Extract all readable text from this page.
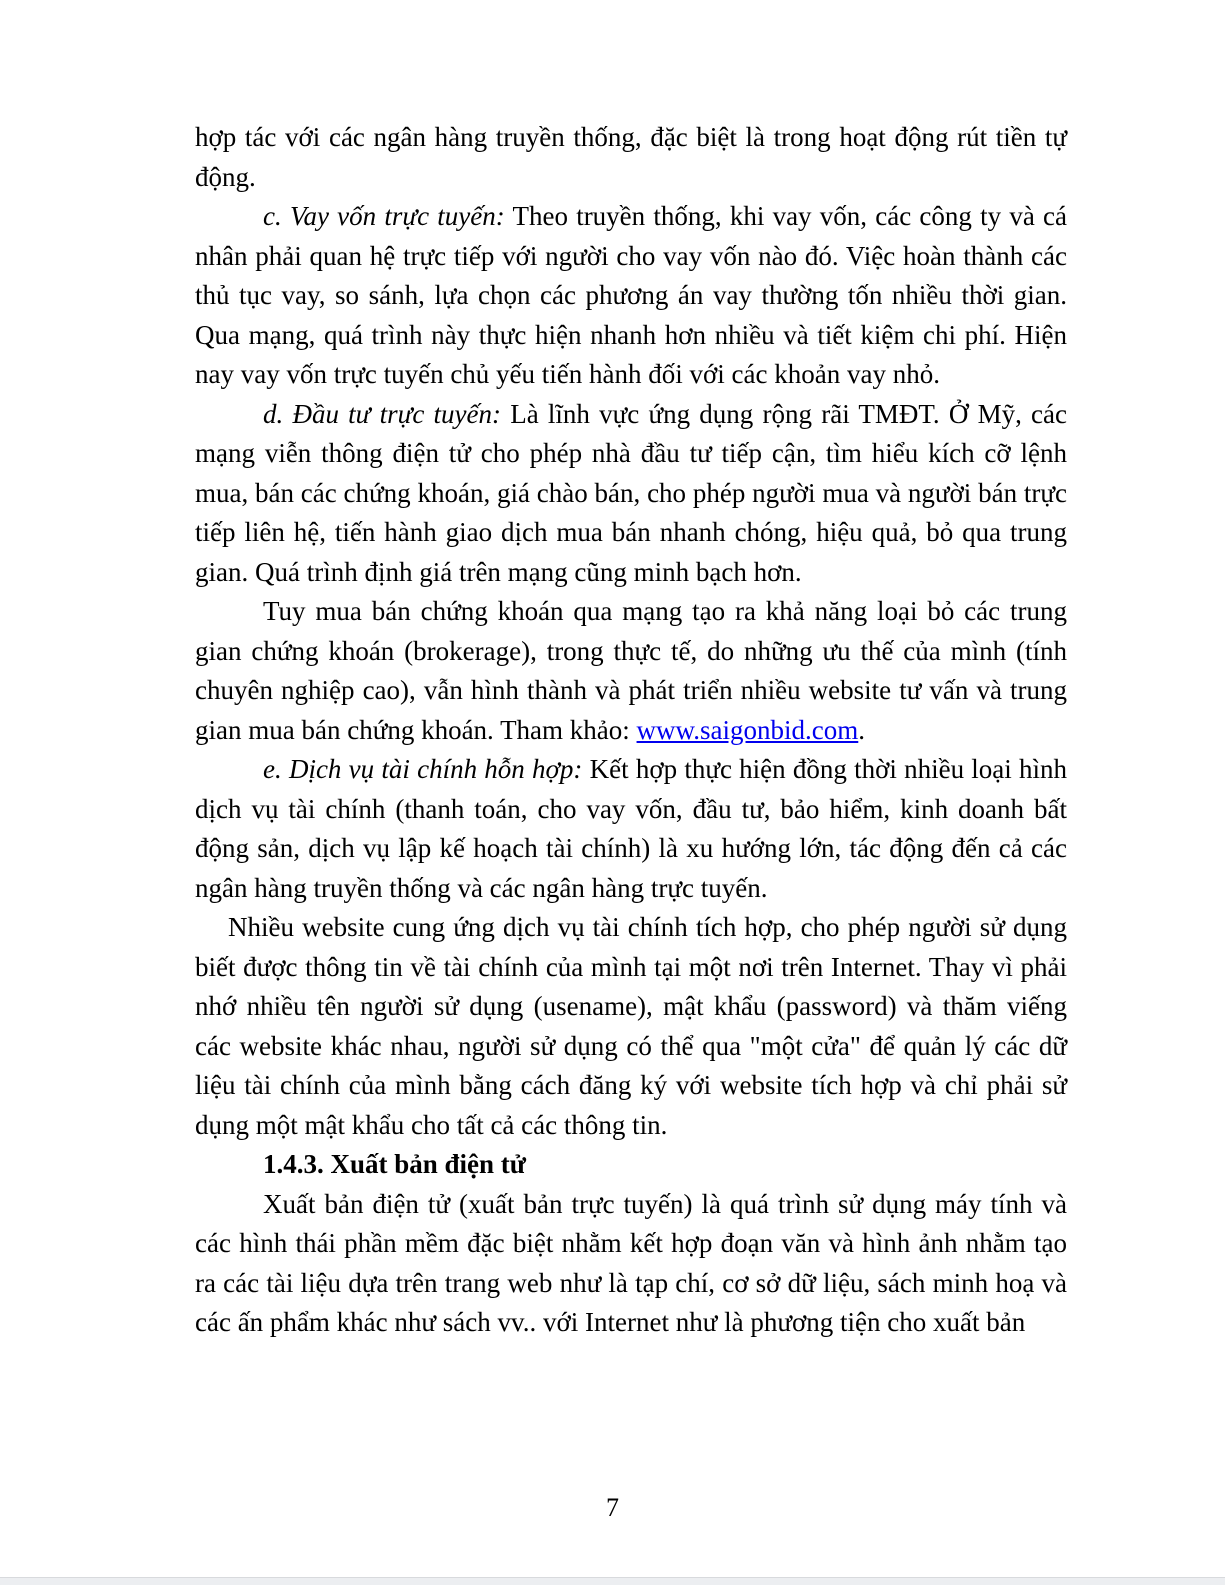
hợp tác với các ngân hàng truyền thống, đặc biệt là trong hoạt động rút tiền tự động.

c. Vay vốn trực tuyến: Theo truyền thống, khi vay vốn, các công ty và cá nhân phải quan hệ trực tiếp với người cho vay vốn nào đó. Việc hoàn thành các thủ tục vay, so sánh, lựa chọn các phương án vay thường tốn nhiều thời gian. Qua mạng, quá trình này thực hiện nhanh hơn nhiều và tiết kiệm chi phí. Hiện nay vay vốn trực tuyến chủ yếu tiến hành đối với các khoản vay nhỏ.

d. Đầu tư trực tuyến: Là lĩnh vực ứng dụng rộng rãi TMĐT. Ở Mỹ, các mạng viễn thông điện tử cho phép nhà đầu tư tiếp cận, tìm hiểu kích cỡ lệnh mua, bán các chứng khoán, giá chào bán, cho phép người mua và người bán trực tiếp liên hệ, tiến hành giao dịch mua bán nhanh chóng, hiệu quả, bỏ qua trung gian. Quá trình định giá trên mạng cũng minh bạch hơn.

Tuy mua bán chứng khoán qua mạng tạo ra khả năng loại bỏ các trung gian chứng khoán (brokerage), trong thực tế, do những ưu thế của mình (tính chuyên nghiệp cao), vẫn hình thành và phát triển nhiều website tư vấn và trung gian mua bán chứng khoán. Tham khảo: www.saigonbid.com.

e. Dịch vụ tài chính hỗn hợp: Kết hợp thực hiện đồng thời nhiều loại hình dịch vụ tài chính (thanh toán, cho vay vốn, đầu tư, bảo hiểm, kinh doanh bất động sản, dịch vụ lập kế hoạch tài chính) là xu hướng lớn, tác động đến cả các ngân hàng truyền thống và các ngân hàng trực tuyến.

Nhiều website cung ứng dịch vụ tài chính tích hợp, cho phép người sử dụng biết được thông tin về tài chính của mình tại một nơi trên Internet. Thay vì phải nhớ nhiều tên người sử dụng (usename), mật khẩu (password) và thăm viếng các website khác nhau, người sử dụng có thể qua "một cửa" để quản lý các dữ liệu tài chính của mình bằng cách đăng ký với website tích hợp và chỉ phải sử dụng một mật khẩu cho tất cả các thông tin.

1.4.3. Xuất bản điện tử

Xuất bản điện tử (xuất bản trực tuyến) là quá trình sử dụng máy tính và các hình thái phần mềm đặc biệt nhằm kết hợp đoạn văn và hình ảnh nhằm tạo ra các tài liệu dựa trên trang web như là tạp chí, cơ sở dữ liệu, sách minh hoạ và các ấn phẩm khác như sách vv.. với Internet như là phương tiện cho xuất bản

7
